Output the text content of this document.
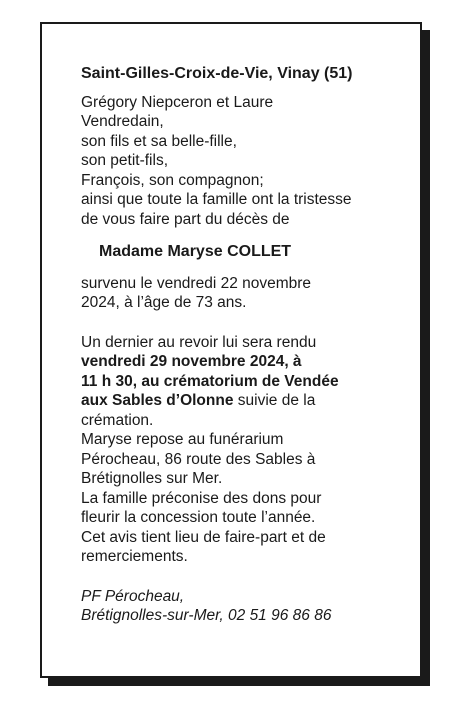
Saint-Gilles-Croix-de-Vie, Vinay (51)
Grégory Niepceron et Laure
Vendredain,
son fils et sa belle-fille,
son petit-fils,
François, son compagnon;
ainsi que toute la famille ont la tristesse
de vous faire part du décès de
Madame Maryse COLLET
survenu le vendredi 22 novembre
2024, à l’âge de 73 ans.
Un dernier au revoir lui sera rendu
vendredi 29 novembre 2024, à
11 h 30, au crématorium de Vendée
aux Sables d’Olonne suivie de la
crémation.
Maryse repose au funérarium
Pérocheau, 86 route des Sables à
Brétignolles sur Mer.
La famille préconise des dons pour
fleurir la concession toute l’année.
Cet avis tient lieu de faire-part et de
remerciements.
PF Pérocheau,
Brétignolles-sur-Mer, 02 51 96 86 86
